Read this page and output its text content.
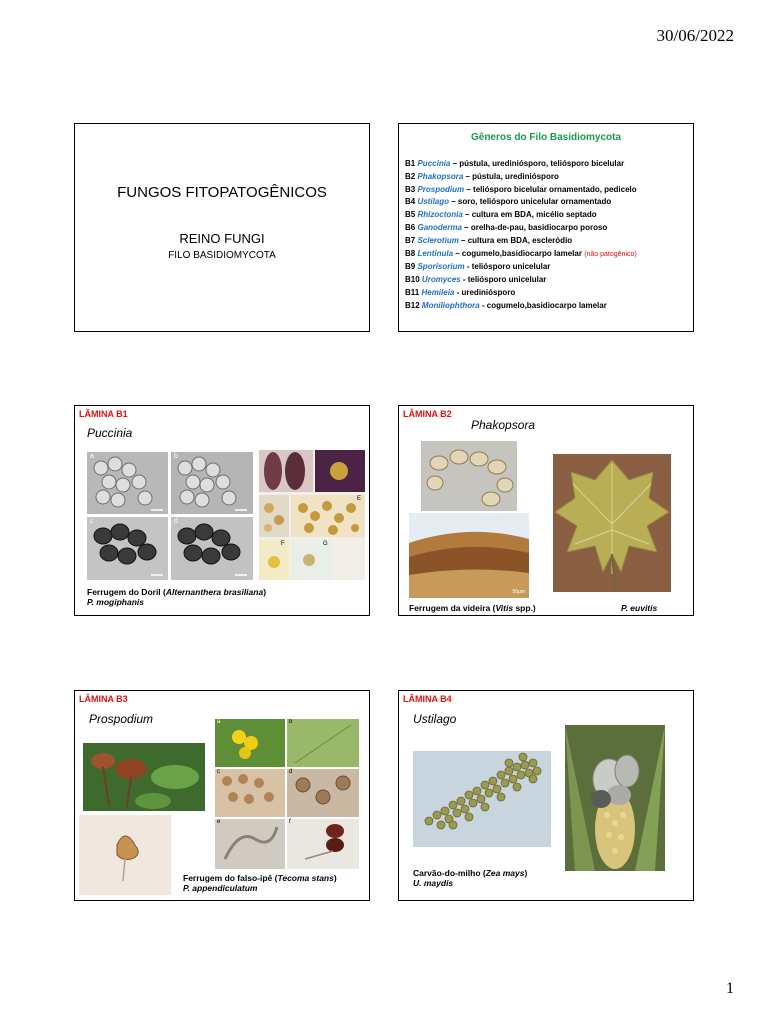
30/06/2022
FUNGOS FITOPATOGÊNICOS
REINO FUNGI
FILO BASIDIOMYCOTA
Gêneros do Filo Basidiomycota
B1 Puccinia – pústula, urediniósporo, teliósporo bicelular
B2 Phakopsora – pústula, urediniósporo
B3 Prospodium – teliósporo bicelular ornamentado, pedicelo
B4 Ustilago – soro, teliósporo unicelular ornamentado
B5 Rhizoctonia – cultura em BDA, micélio septado
B6 Ganoderma – orelha-de-pau, basidiocarpo poroso
B7 Sclerotium – cultura em BDA, escleródio
B8 Lentinula – cogumelo,basidiocarpo lamelar (não patogênico)
B9 Sporisorium - teliósporo unicelular
B10 Uromyces - teliósporo unicelular
B11 Hemileia - urediniósporo
B12 Moniliophthora - cogumelo,basidiocarpo lamelar
LÂMINA B1
Puccinia
a	b
c	d
E
F	G
Ferrugem do Doril (Alternanthera brasiliana)
P. mogiphanis
LÂMINA B2
Phakopsora
50µm
Ferrugem da videira (Vitis spp.)	P. euvitis
LÂMINA B3
Prospodium	a	b
c	d
e	f
Ferrugem do falso-ipê (Tecoma stans)
P. appendiculatum
LÂMINA B4
Ustilago
Carvão-do-milho (Zea mays)
U. maydis
1
